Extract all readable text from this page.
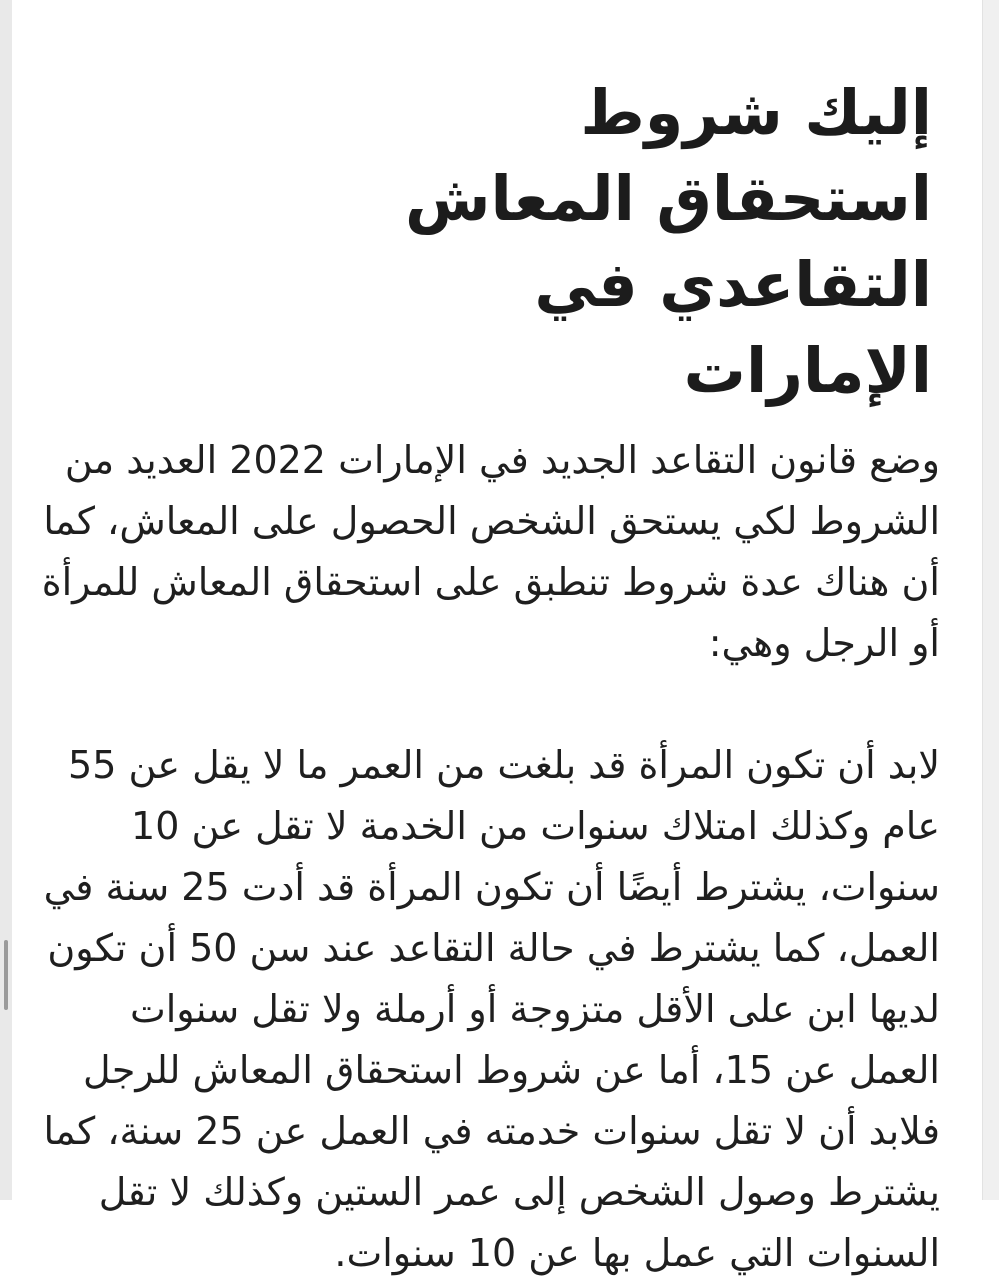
إليك شروط استحقاق المعاش التقاعدي في الإمارات

وضع قانون التقاعد الجديد في الإمارات 2022 العديد من الشروط لكي يستحق الشخص الحصول على المعاش، كما أن هناك عدة شروط تنطبق على استحقاق المعاش للمرأة أو الرجل وهي:

لابد أن تكون المرأة قد بلغت من العمر ما لا يقل عن 55 عام وكذلك امتلاك سنوات من الخدمة لا تقل عن 10 سنوات، يشترط أيضًا أن تكون المرأة قد أدت 25 سنة في العمل، كما يشترط في حالة التقاعد عند سن 50 أن تكون لديها ابن على الأقل متزوجة أو أرملة ولا تقل سنوات العمل عن 15، أما عن شروط استحقاق المعاش للرجل فلابد أن لا تقل سنوات خدمته في العمل عن 25 سنة، كما يشترط وصول الشخص إلى عمر الستين وكذلك لا تقل السنوات التي عمل بها عن 10 سنوات.
